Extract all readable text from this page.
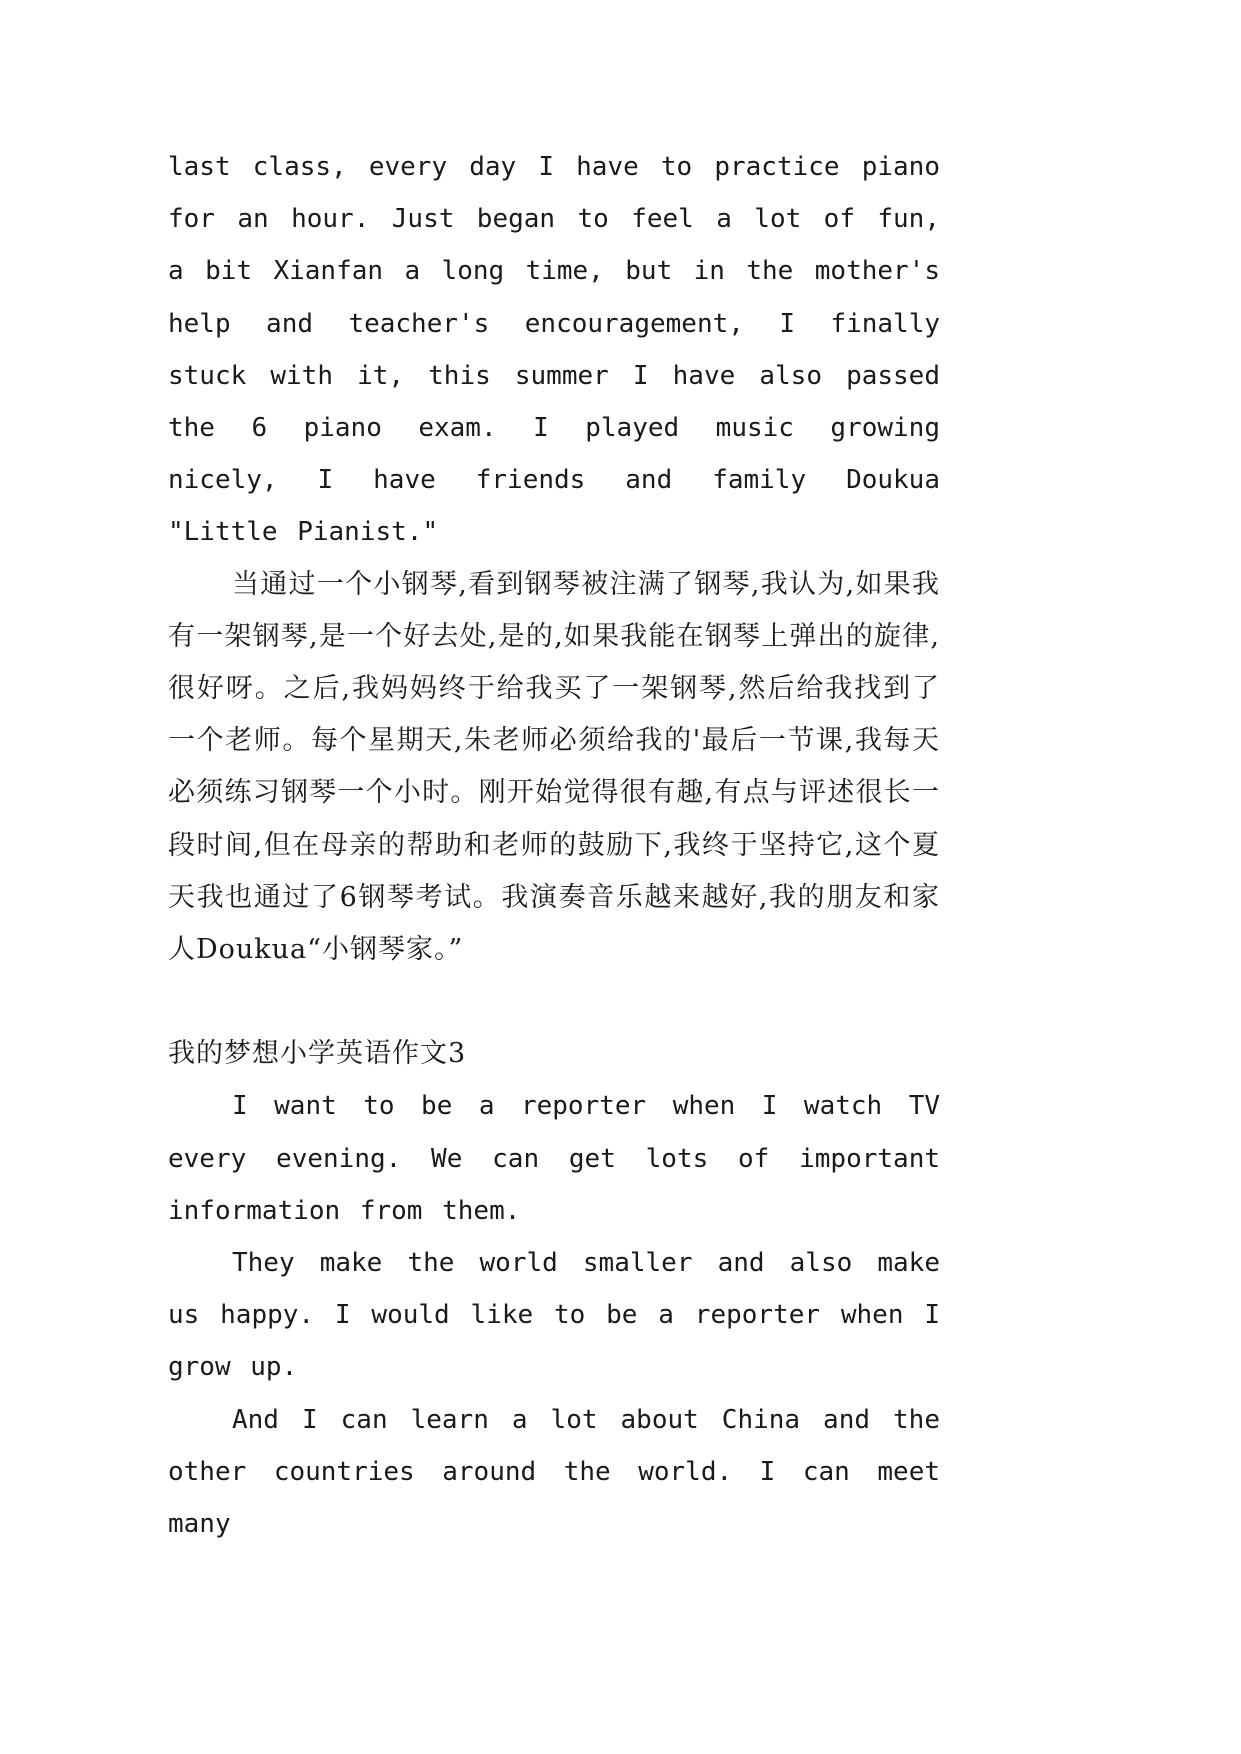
last class, every day I have to practice piano for an hour. Just began to feel a lot of fun, a bit Xianfan a long time, but in the mother's help and teacher's encouragement, I finally stuck with it, this summer I have also passed the 6 piano exam. I played music growing nicely, I have friends and family Doukua "Little Pianist."

当通过一个小钢琴,看到钢琴被注满了钢琴,我认为,如果我有一架钢琴,是一个好去处,是的,如果我能在钢琴上弹出的旋律,很好呀。之后,我妈妈终于给我买了一架钢琴,然后给我找到了一个老师。每个星期天,朱老师必须给我的'最后一节课,我每天必须练习钢琴一个小时。刚开始觉得很有趣,有点与评述很长一段时间,但在母亲的帮助和老师的鼓励下,我终于坚持它,这个夏天我也通过了6钢琴考试。我演奏音乐越来越好,我的朋友和家人Doukua“小钢琴家。”

我的梦想小学英语作文3

I want to be a reporter when I watch TV every evening. We can get lots of important information from them.

They make the world smaller and also make us happy. I would like to be a reporter when I grow up.

And I can learn a lot about China and the other countries around the world. I can meet many
